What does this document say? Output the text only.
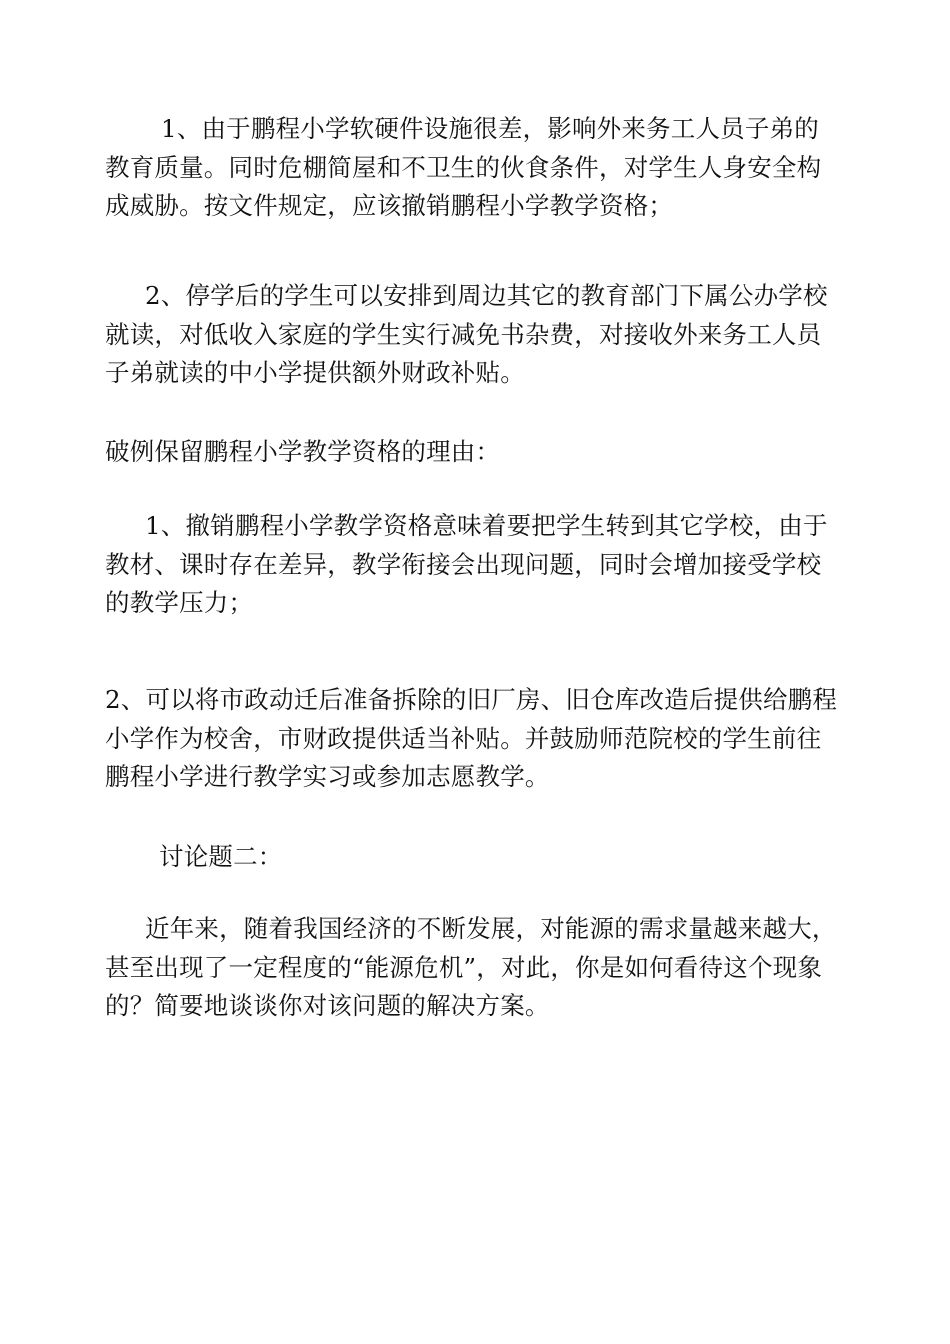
1、由于鹏程小学软硬件设施很差，影响外来务工人员子弟的教育质量。同时危棚简屋和不卫生的伙食条件，对学生人身安全构成威胁。按文件规定，应该撤销鹏程小学教学资格；

2、停学后的学生可以安排到周边其它的教育部门下属公办学校就读，对低收入家庭的学生实行减免书杂费，对接收外来务工人员子弟就读的中小学提供额外财政补贴。

破例保留鹏程小学教学资格的理由：

1、撤销鹏程小学教学资格意味着要把学生转到其它学校，由于教材、课时存在差异，教学衔接会出现问题，同时会增加接受学校的教学压力；

2、可以将市政动迁后准备拆除的旧厂房、旧仓库改造后提供给鹏程小学作为校舍，市财政提供适当补贴。并鼓励师范院校的学生前往鹏程小学进行教学实习或参加志愿教学。

讨论题二：

近年来，随着我国经济的不断发展，对能源的需求量越来越大，甚至出现了一定程度的“能源危机”，对此，你是如何看待这个现象的？简要地谈谈你对该问题的解决方案。
